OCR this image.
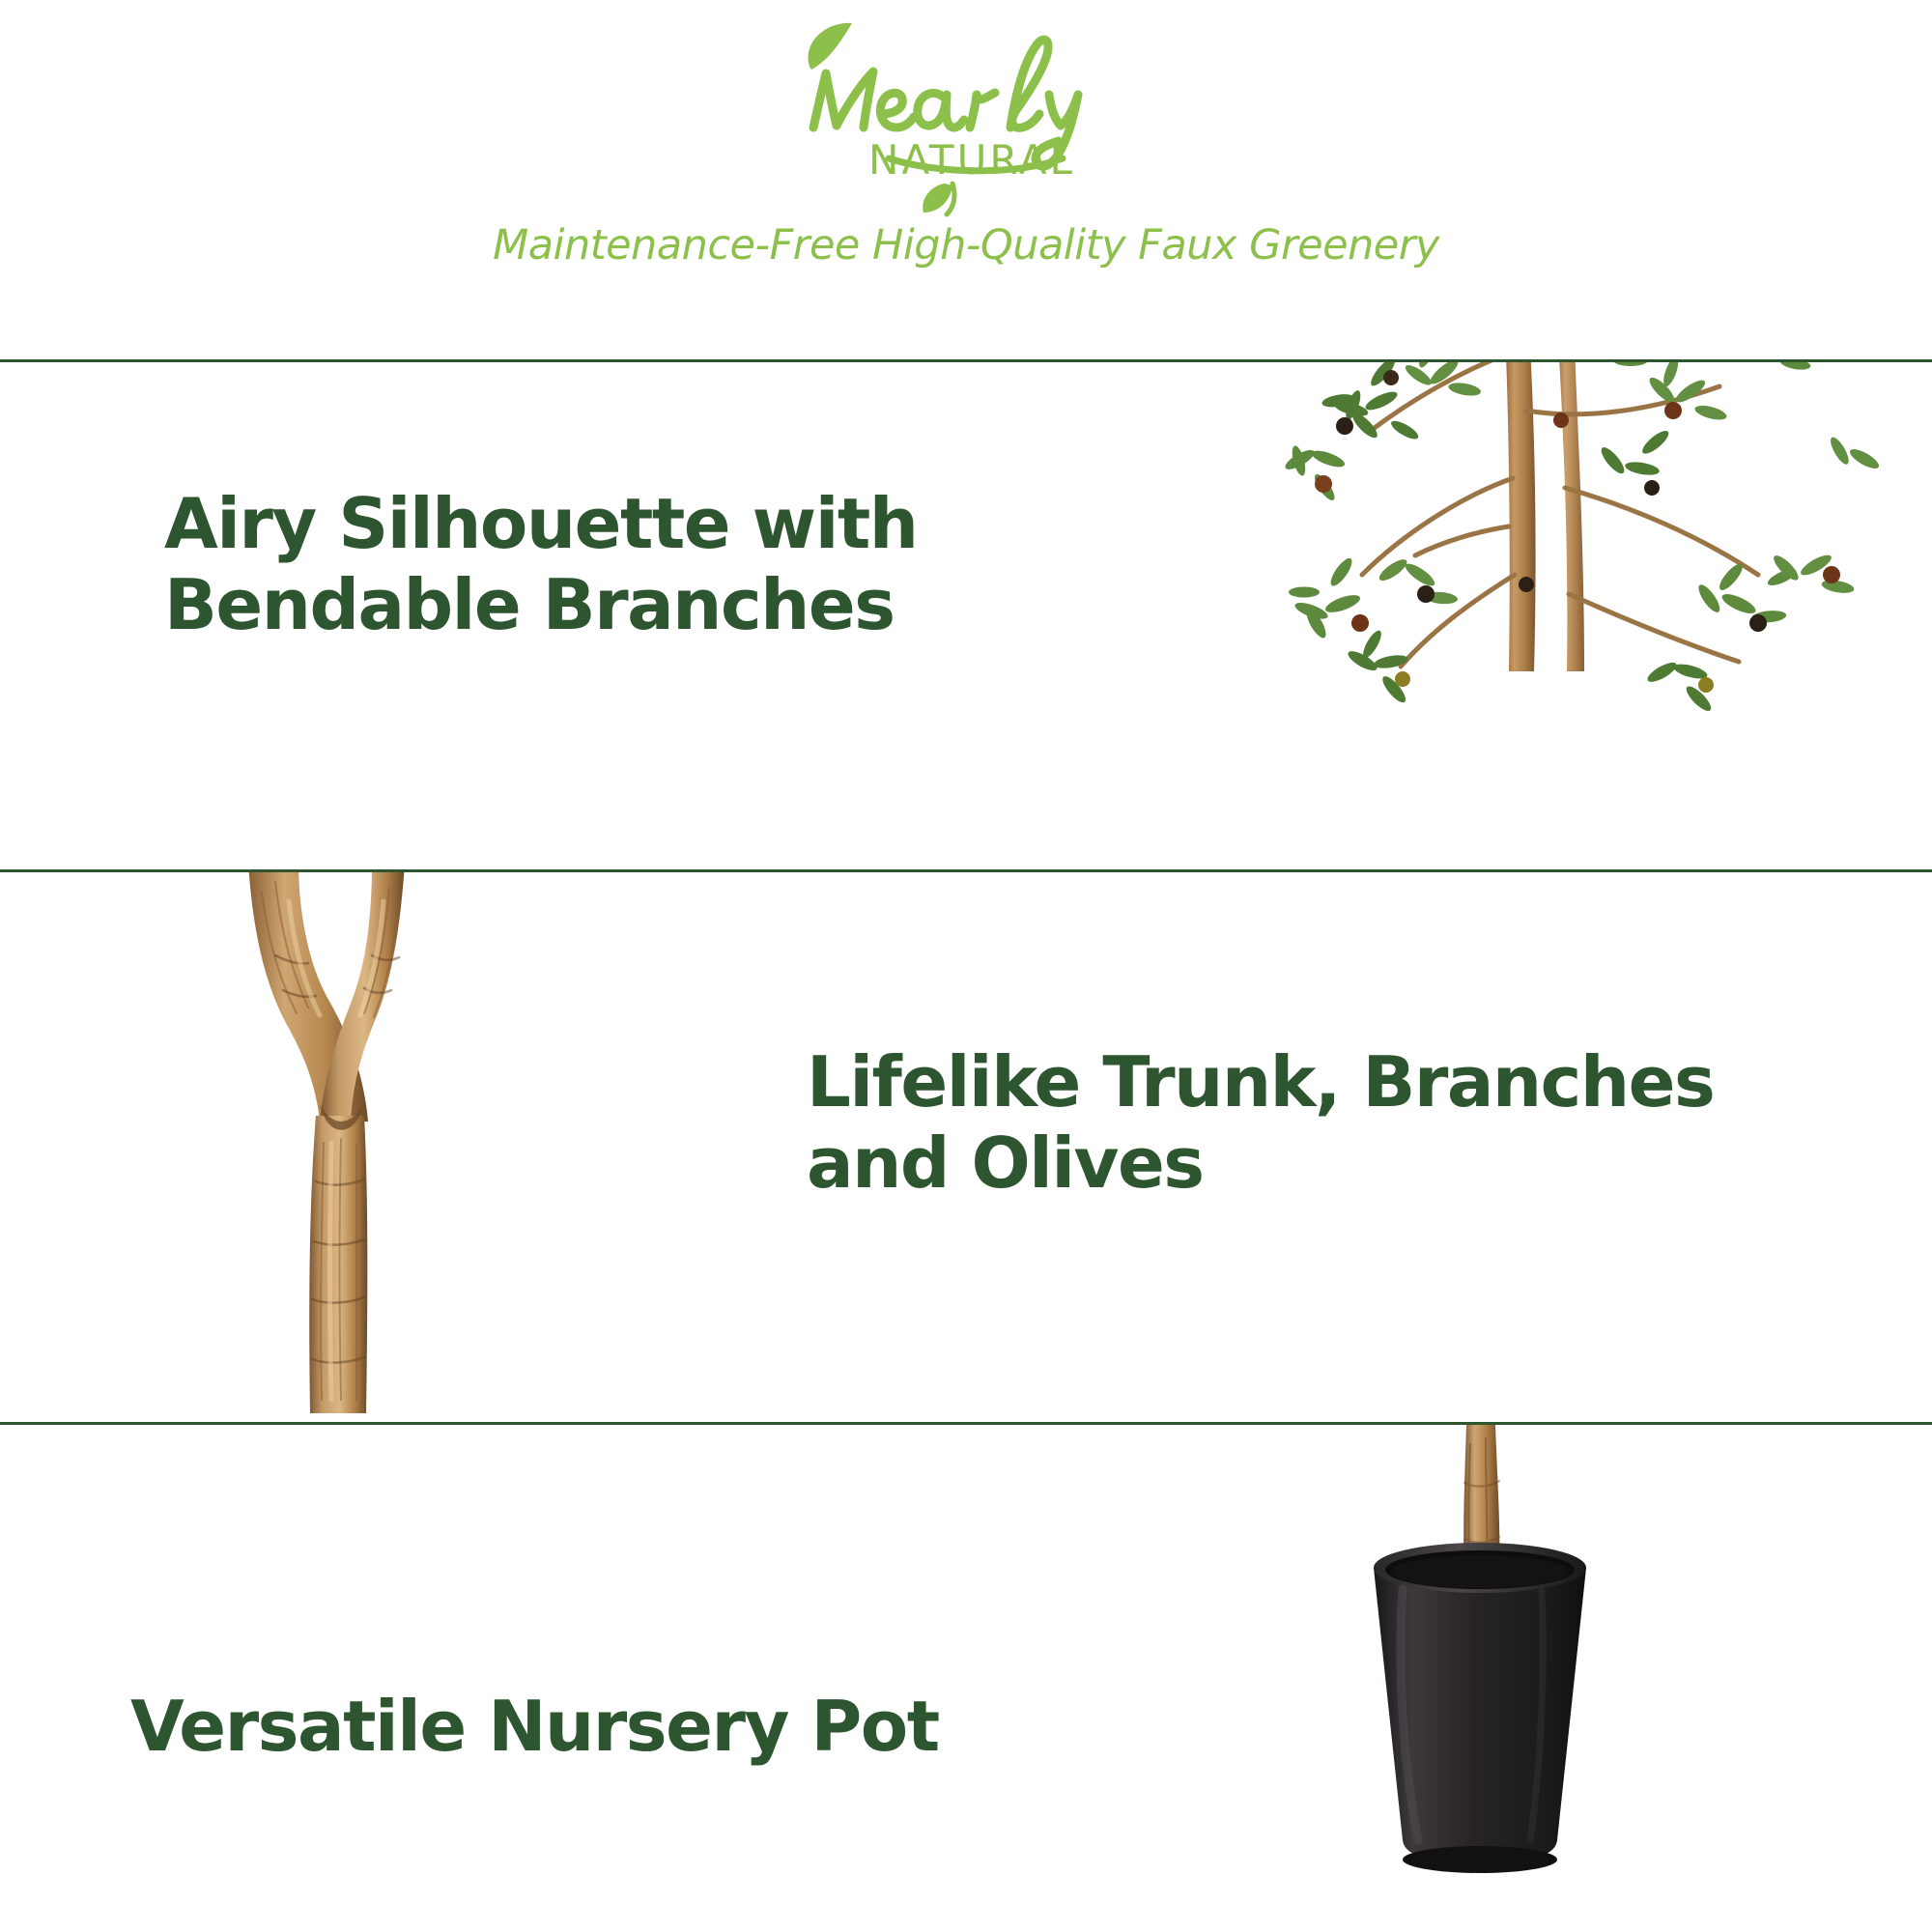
NATURAL
Maintenance-Free High-Quality Faux Greenery
Airy Silhouette with Bendable Branches
Lifelike Trunk, Branches and Olives
Versatile Nursery Pot
